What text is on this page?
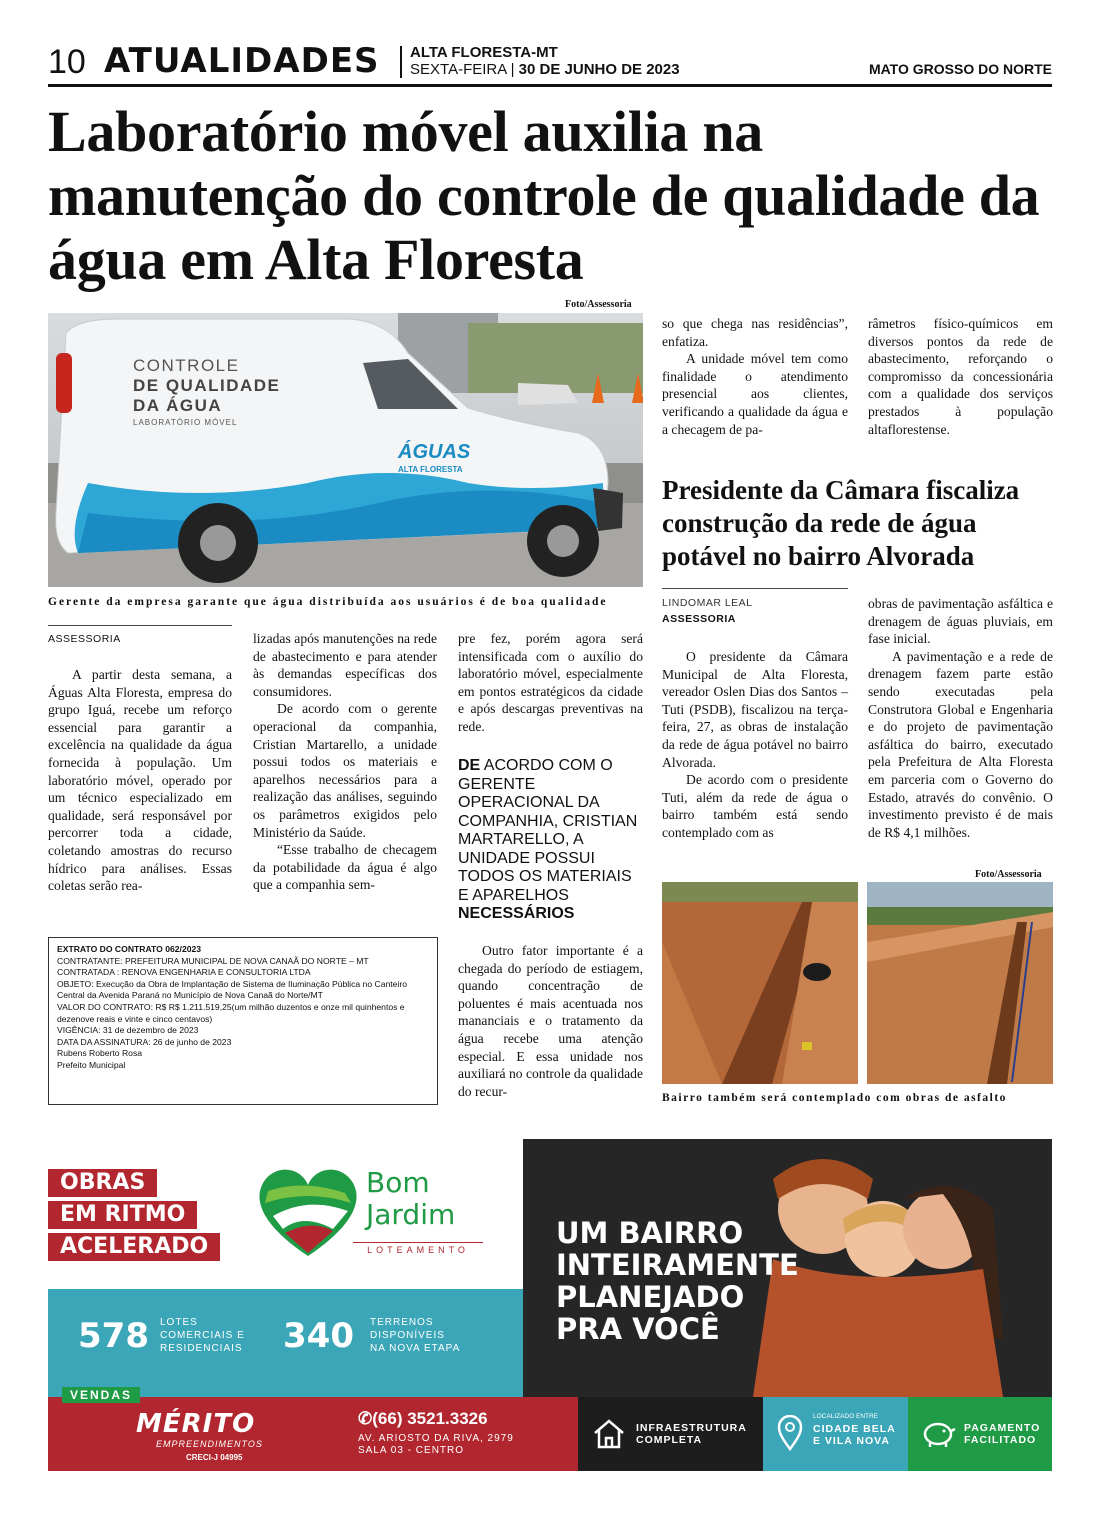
10 ATUALIDADES ALTA FLORESTA-MT
SEXTA-FEIRA | 30 DE JUNHO DE 2023	MATO GROSSO DO NORTE
Laboratório móvel auxilia na manutenção do controle de qualidade da água em Alta Floresta
Foto/Assessoria
CONTROLE
DE QUALIDADE
DA ÁGUA
LABORATÓRIO MÓVEL
ÁGUAS
ALTA FLORESTA
Gerente da empresa garante que água distribuída aos usuários é de boa qualidade
ASSESSORIA

A partir desta semana, a Águas Alta Floresta, empresa do grupo Iguá, recebe um reforço essencial para garantir a excelência na qualidade da água fornecida à população. Um laboratório móvel, operado por um técnico especializado em qualidade, será responsável por percorrer toda a cidade, coletando amostras do recurso hídrico para análises. Essas coletas serão rea-

lizadas após manutenções na rede de abastecimento e para atender às demandas específicas dos consumidores.

De acordo com o gerente operacional da companhia, Cristian Martarello, a unidade possui todos os materiais e aparelhos necessários para a realização das análises, seguindo os parâmetros exigidos pelo Ministério da Saúde.

“Esse trabalho de checagem da potabilidade da água é algo que a companhia sem-

pre fez, porém agora será intensificada com o auxílio do laboratório móvel, especialmente em pontos estratégicos da cidade e após descargas preventivas na rede.

DE ACORDO COM O GERENTE OPERACIONAL DA COMPANHIA, CRISTIAN MARTARELLO, A UNIDADE POSSUI TODOS OS MATERIAIS E APARELHOS NECESSÁRIOS

Outro fator importante é a chegada do período de estiagem, quando concentração de poluentes é mais acentuada nos mananciais e o tratamento da água recebe uma atenção especial. E essa unidade nos auxiliará no controle da qualidade do recur-

so que chega nas residências”, enfatiza.

A unidade móvel tem como finalidade o atendimento presencial aos clientes, verificando a qualidade da água e a checagem de pa-

râmetros físico-químicos em diversos pontos da rede de abastecimento, reforçando o compromisso da concessionária com a qualidade dos serviços prestados à população altaflorestense.

EXTRATO DO CONTRATO 062/2023
CONTRATANTE: PREFEITURA MUNICIPAL DE NOVA CANAÃ DO NORTE – MT
CONTRATADA : RENOVA ENGENHARIA E CONSULTORIA LTDA
OBJETO: Execução da Obra de Implantação de Sistema de Iluminação Pública no Canteiro Central da Avenida Paraná no Município de Nova Canaã do Norte/MT
VALOR DO CONTRATO: R$ R$ 1.211.519,25(um milhão duzentos e onze mil quinhentos e dezenove reais e vinte e cinco centavos)
VIGÊNCIA: 31 de dezembro de 2023
DATA DA ASSINATURA: 26 de junho de 2023
Rubens Roberto Rosa
Prefeito Municipal
Presidente da Câmara fiscaliza construção da rede de água potável no bairro Alvorada
LINDOMAR LEAL
ASSESSORIA

O presidente da Câmara Municipal de Alta Floresta, vereador Oslen Dias dos Santos – Tuti (PSDB), fiscalizou na terça-feira, 27, as obras de instalação da rede de água potável no bairro Alvorada.

De acordo com o presidente Tuti, além da rede de água o bairro também está sendo contemplado com as

obras de pavimentação asfáltica e drenagem de águas pluviais, em fase inicial.

A pavimentação e a rede de drenagem fazem parte estão sendo executadas pela Construtora Global e Engenharia e do projeto de pavimentação asfáltica do bairro, executado pela Prefeitura de Alta Floresta em parceria com o Governo do Estado, através do convênio. O investimento previsto é de mais de R$ 4,1 milhões.

Foto/Assessoria
Bairro também será contemplado com obras de asfalto
OBRAS
EM RITMO
ACELERADO
Bom
Jardim
LOTEAMENTO
578 LOTES
COMERCIAIS E
RESIDENCIAIS 340 TERRENOS
DISPONÍVEIS
NA NOVA ETAPA
UM BAIRRO
INTEIRAMENTE
PLANEJADO
PRA VOCÊ
VENDAS
MÉRITO
EMPREENDIMENTOS
CRECI-J 04995
✆(66) 3521.3326
AV. ARIOSTO DA RIVA, 2979
SALA 03 - CENTRO
INFRAESTRUTURA
COMPLETA
LOCALIZADO ENTRE
CIDADE BELA
E VILA NOVA
PAGAMENTO
FACILITADO
